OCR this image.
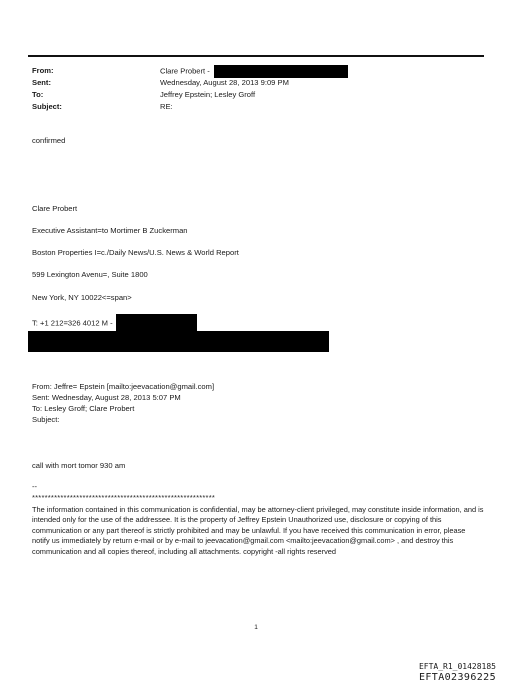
From:	Clare Probert -
Sent:	Wednesday, August 28, 2013 9:09 PM
To:	Jeffrey Epstein; Lesley Groff
Subject:	RE:
confirmed
Clare Probert
Executive Assistant=to Mortimer B Zuckerman
Boston Properties I=c./Daily News/U.S. News & World Report
599 Lexington Avenu=, Suite 1800
New York, NY 10022<=span>
T: +1 212=326 4012 M -
From: Jeffre= Epstein [mailto:jeevacation@gmail.com]
Sent: Wednesday, August 28, 2013 5:07 PM
To: Lesley Groff; Clare Probert
Subject:
call with mort tomor 930 am
--
**********************************************************
The information contained in this communication is confidential, may be attorney-client privileged, may constitute inside information, and is intended only for the use of the addressee. It is the property of Jeffrey Epstein Unauthorized use, disclosure or copying of this communication or any part thereof is strictly prohibited and may be unlawful. If you have received this communication in error, please notify us immediately by return e-mail or by e-mail to jeevacation@gmail.com <mailto:jeevacation@gmail.com> , and destroy this communication and all copies thereof, including all attachments. copyright -all rights reserved
1
EFTA_R1_01428185
EFTA02396225
